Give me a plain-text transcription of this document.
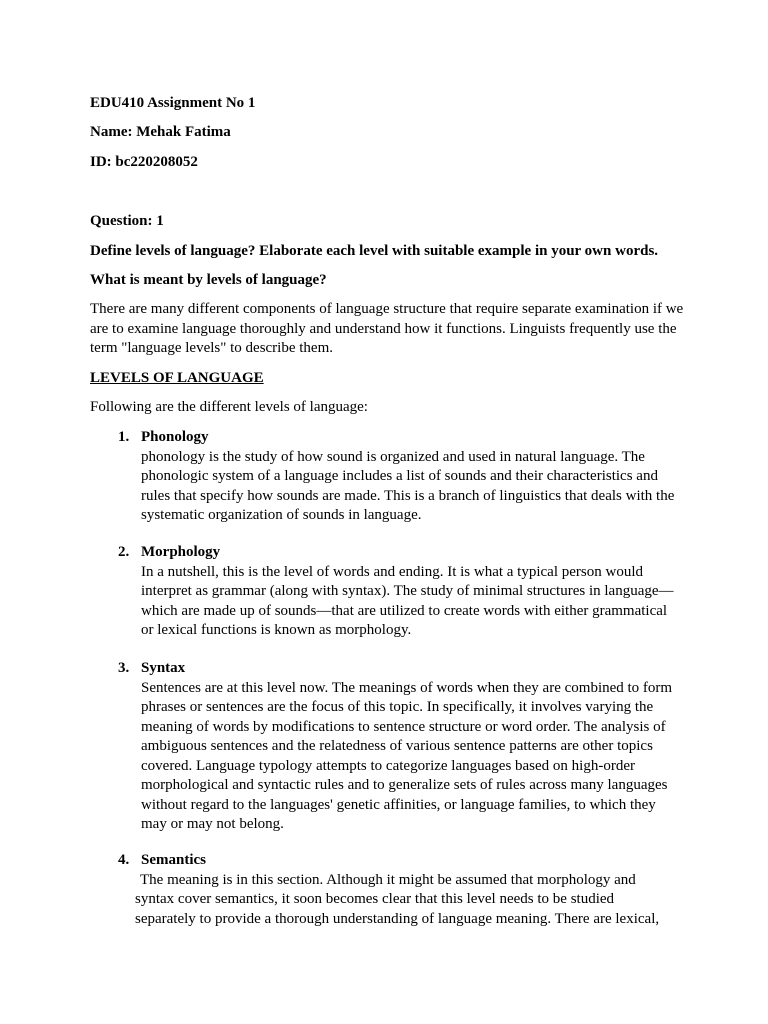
EDU410 Assignment No 1
Name: Mehak Fatima
ID: bc220208052
Question: 1
Define levels of language? Elaborate each level with suitable example in your own words.
What is meant by levels of language?
There are many different components of language structure that require separate examination if we are to examine language thoroughly and understand how it functions. Linguists frequently use the term "language levels" to describe them.
LEVELS OF LANGUAGE
Following are the different levels of language:
1. Phonology
phonology is the study of how sound is organized and used in natural language. The phonologic system of a language includes a list of sounds and their characteristics and rules that specify how sounds are made. This is a branch of linguistics that deals with the systematic organization of sounds in language.
2. Morphology
In a nutshell, this is the level of words and ending. It is what a typical person would interpret as grammar (along with syntax). The study of minimal structures in language—which are made up of sounds—that are utilized to create words with either grammatical or lexical functions is known as morphology.
3. Syntax
Sentences are at this level now. The meanings of words when they are combined to form phrases or sentences are the focus of this topic. In specifically, it involves varying the meaning of words by modifications to sentence structure or word order. The analysis of ambiguous sentences and the relatedness of various sentence patterns are other topics covered. Language typology attempts to categorize languages based on high-order morphological and syntactic rules and to generalize sets of rules across many languages without regard to the languages' genetic affinities, or language families, to which they may or may not belong.
4. Semantics
The meaning is in this section. Although it might be assumed that morphology and syntax cover semantics, it soon becomes clear that this level needs to be studied separately to provide a thorough understanding of language meaning. There are lexical,
